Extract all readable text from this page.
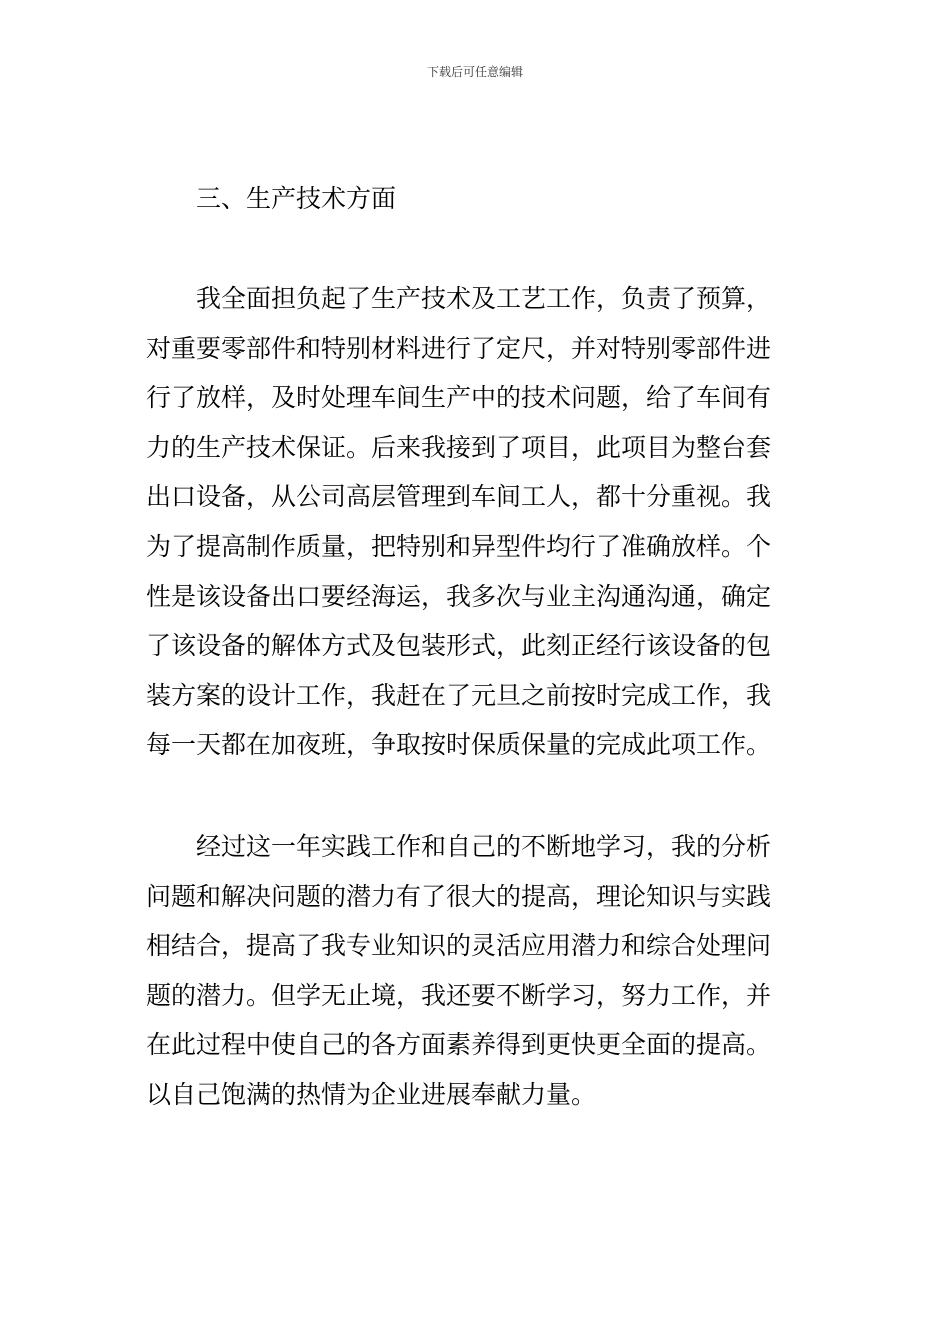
下载后可任意编辑
三、生产技术方面
我全面担负起了生产技术及工艺工作，负责了预算，
对重要零部件和特别材料进行了定尺，并对特别零部件进
行了放样，及时处理车间生产中的技术问题，给了车间有
力的生产技术保证。后来我接到了项目，此项目为整台套
出口设备，从公司高层管理到车间工人，都十分重视。我
为了提高制作质量，把特别和异型件均行了准确放样。个
性是该设备出口要经海运，我多次与业主沟通沟通，确定
了该设备的解体方式及包装形式，此刻正经行该设备的包
装方案的设计工作，我赶在了元旦之前按时完成工作，我
每一天都在加夜班，争取按时保质保量的完成此项工作。
经过这一年实践工作和自己的不断地学习，我的分析
问题和解决问题的潜力有了很大的提高，理论知识与实践
相结合，提高了我专业知识的灵活应用潜力和综合处理问
题的潜力。但学无止境，我还要不断学习，努力工作，并
在此过程中使自己的各方面素养得到更快更全面的提高。
以自己饱满的热情为企业进展奉献力量。
